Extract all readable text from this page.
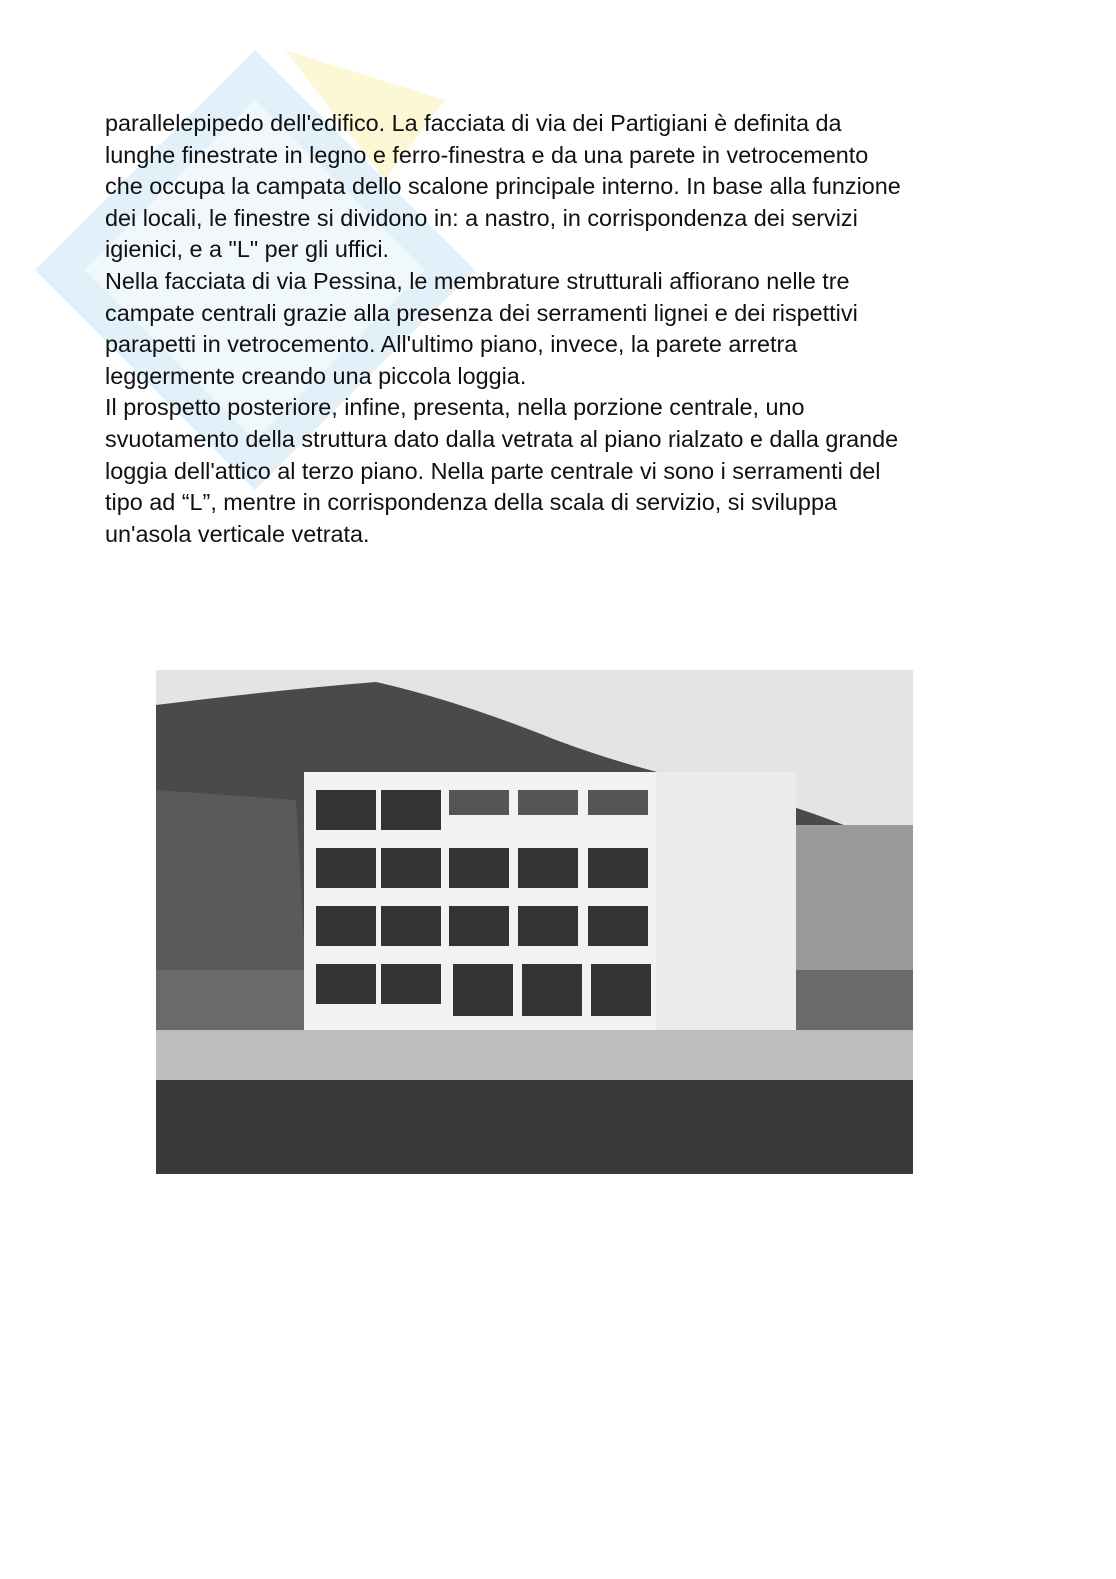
parallelepipedo dell'edifico. La facciata di via dei Partigiani è definita da
lunghe finestrate in legno e ferro-finestra e da una parete in vetrocemento
che occupa la campata dello scalone principale interno. In base alla funzione
dei locali, le finestre si dividono in: a nastro, in corrispondenza dei servizi
igienici, e a "L" per gli uffici.
Nella facciata di via Pessina, le membrature strutturali affiorano nelle tre
campate centrali grazie alla presenza dei serramenti lignei e dei rispettivi
parapetti in vetrocemento. All'ultimo piano, invece, la parete arretra
leggermente creando una piccola loggia.
Il prospetto posteriore, infine, presenta, nella porzione centrale, uno
svuotamento della struttura dato dalla vetrata al piano rialzato e dalla grande
loggia dell'attico al terzo piano. Nella parte centrale vi sono i serramenti del
tipo ad “L”, mentre in corrispondenza della scala di servizio, si sviluppa
un'asola verticale vetrata.
